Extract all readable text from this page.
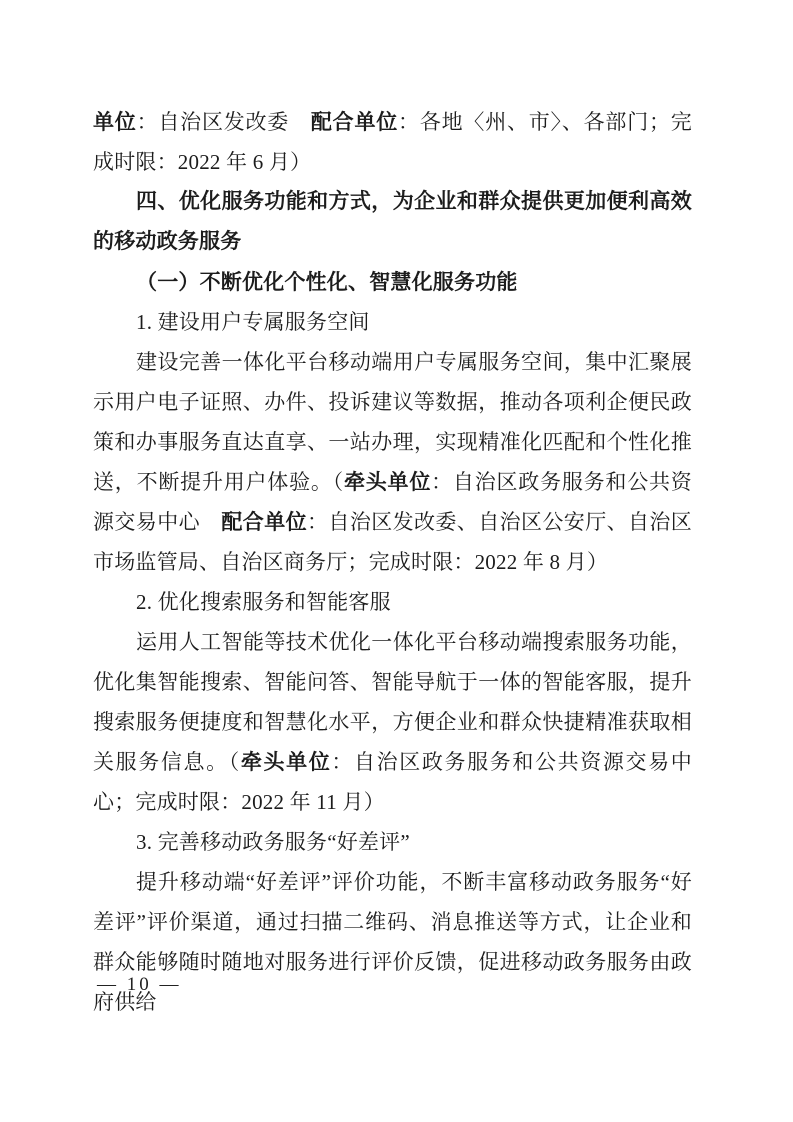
单位：自治区发改委　 配合单位：各地〈州、市〉、各部门；完成时限：2022 年 6 月）

四、优化服务功能和方式，为企业和群众提供更加便利高效的移动政务服务

（一）不断优化个性化、智慧化服务功能

1. 建设用户专属服务空间

建设完善一体化平台移动端用户专属服务空间，集中汇聚展示用户电子证照、办件、投诉建议等数据，推动各项利企便民政策和办事服务直达直享、一站办理，实现精准化匹配和个性化推送，不断提升用户体验。（牵头单位：自治区政务服务和公共资源交易中心　 配合单位：自治区发改委、自治区公安厅、自治区市场监管局、自治区商务厅；完成时限：2022 年 8 月）

2. 优化搜索服务和智能客服

运用人工智能等技术优化一体化平台移动端搜索服务功能，优化集智能搜索、智能问答、智能导航于一体的智能客服，提升搜索服务便捷度和智慧化水平，方便企业和群众快捷精准获取相关服务信息。（牵头单位：自治区政务服务和公共资源交易中心；完成时限：2022 年 11 月）

3. 完善移动政务服务“好差评”

提升移动端“好差评”评价功能，不断丰富移动政务服务“好差评”评价渠道，通过扫描二维码、消息推送等方式，让企业和群众能够随时随地对服务进行评价反馈，促进移动政务服务由政府供给

— 10 —
